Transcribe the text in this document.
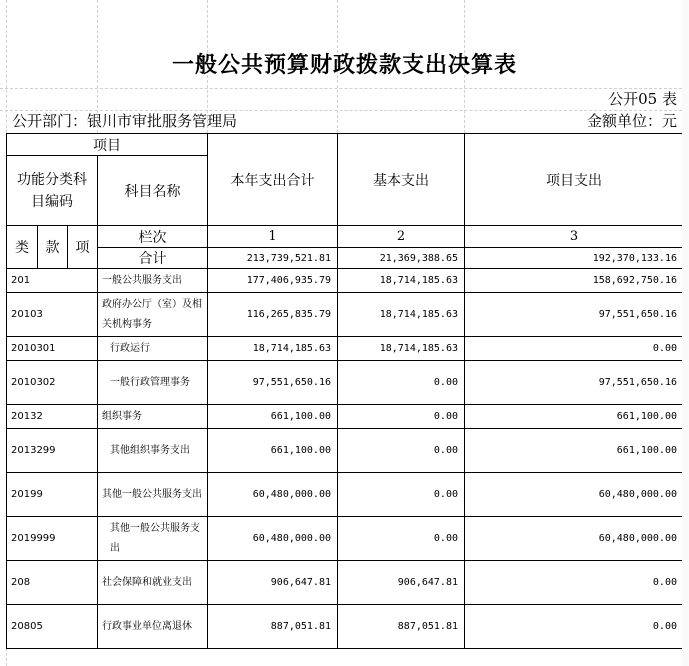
一般公共预算财政拨款支出决算表
公开05 表
公开部门：银川市审批服务管理局	金额单位：元
项目				本年支出合计	基本支出	项目支出
功能分类科目编码			科目名称			

类	款	项	栏次	1	2	3
			合计	213,739,521.81	21,369,388.65	192,370,133.16
201			一般公共服务支出	177,406,935.79	18,714,185.63	158,692,750.16
20103			政府办公厅（室）及相关机构事务	116,265,835.79	18,714,185.63	97,551,650.16
2010301			行政运行	18,714,185.63	18,714,185.63	0.00
2010302			一般行政管理事务	97,551,650.16	0.00	97,551,650.16
20132			组织事务	661,100.00	0.00	661,100.00
2013299			其他组织事务支出	661,100.00	0.00	661,100.00
20199			其他一般公共服务支出	60,480,000.00	0.00	60,480,000.00
2019999			其他一般公共服务支出	60,480,000.00	0.00	60,480,000.00
208			社会保障和就业支出	906,647.81	906,647.81	0.00
20805			行政事业单位离退休	887,051.81	887,051.81	0.00
